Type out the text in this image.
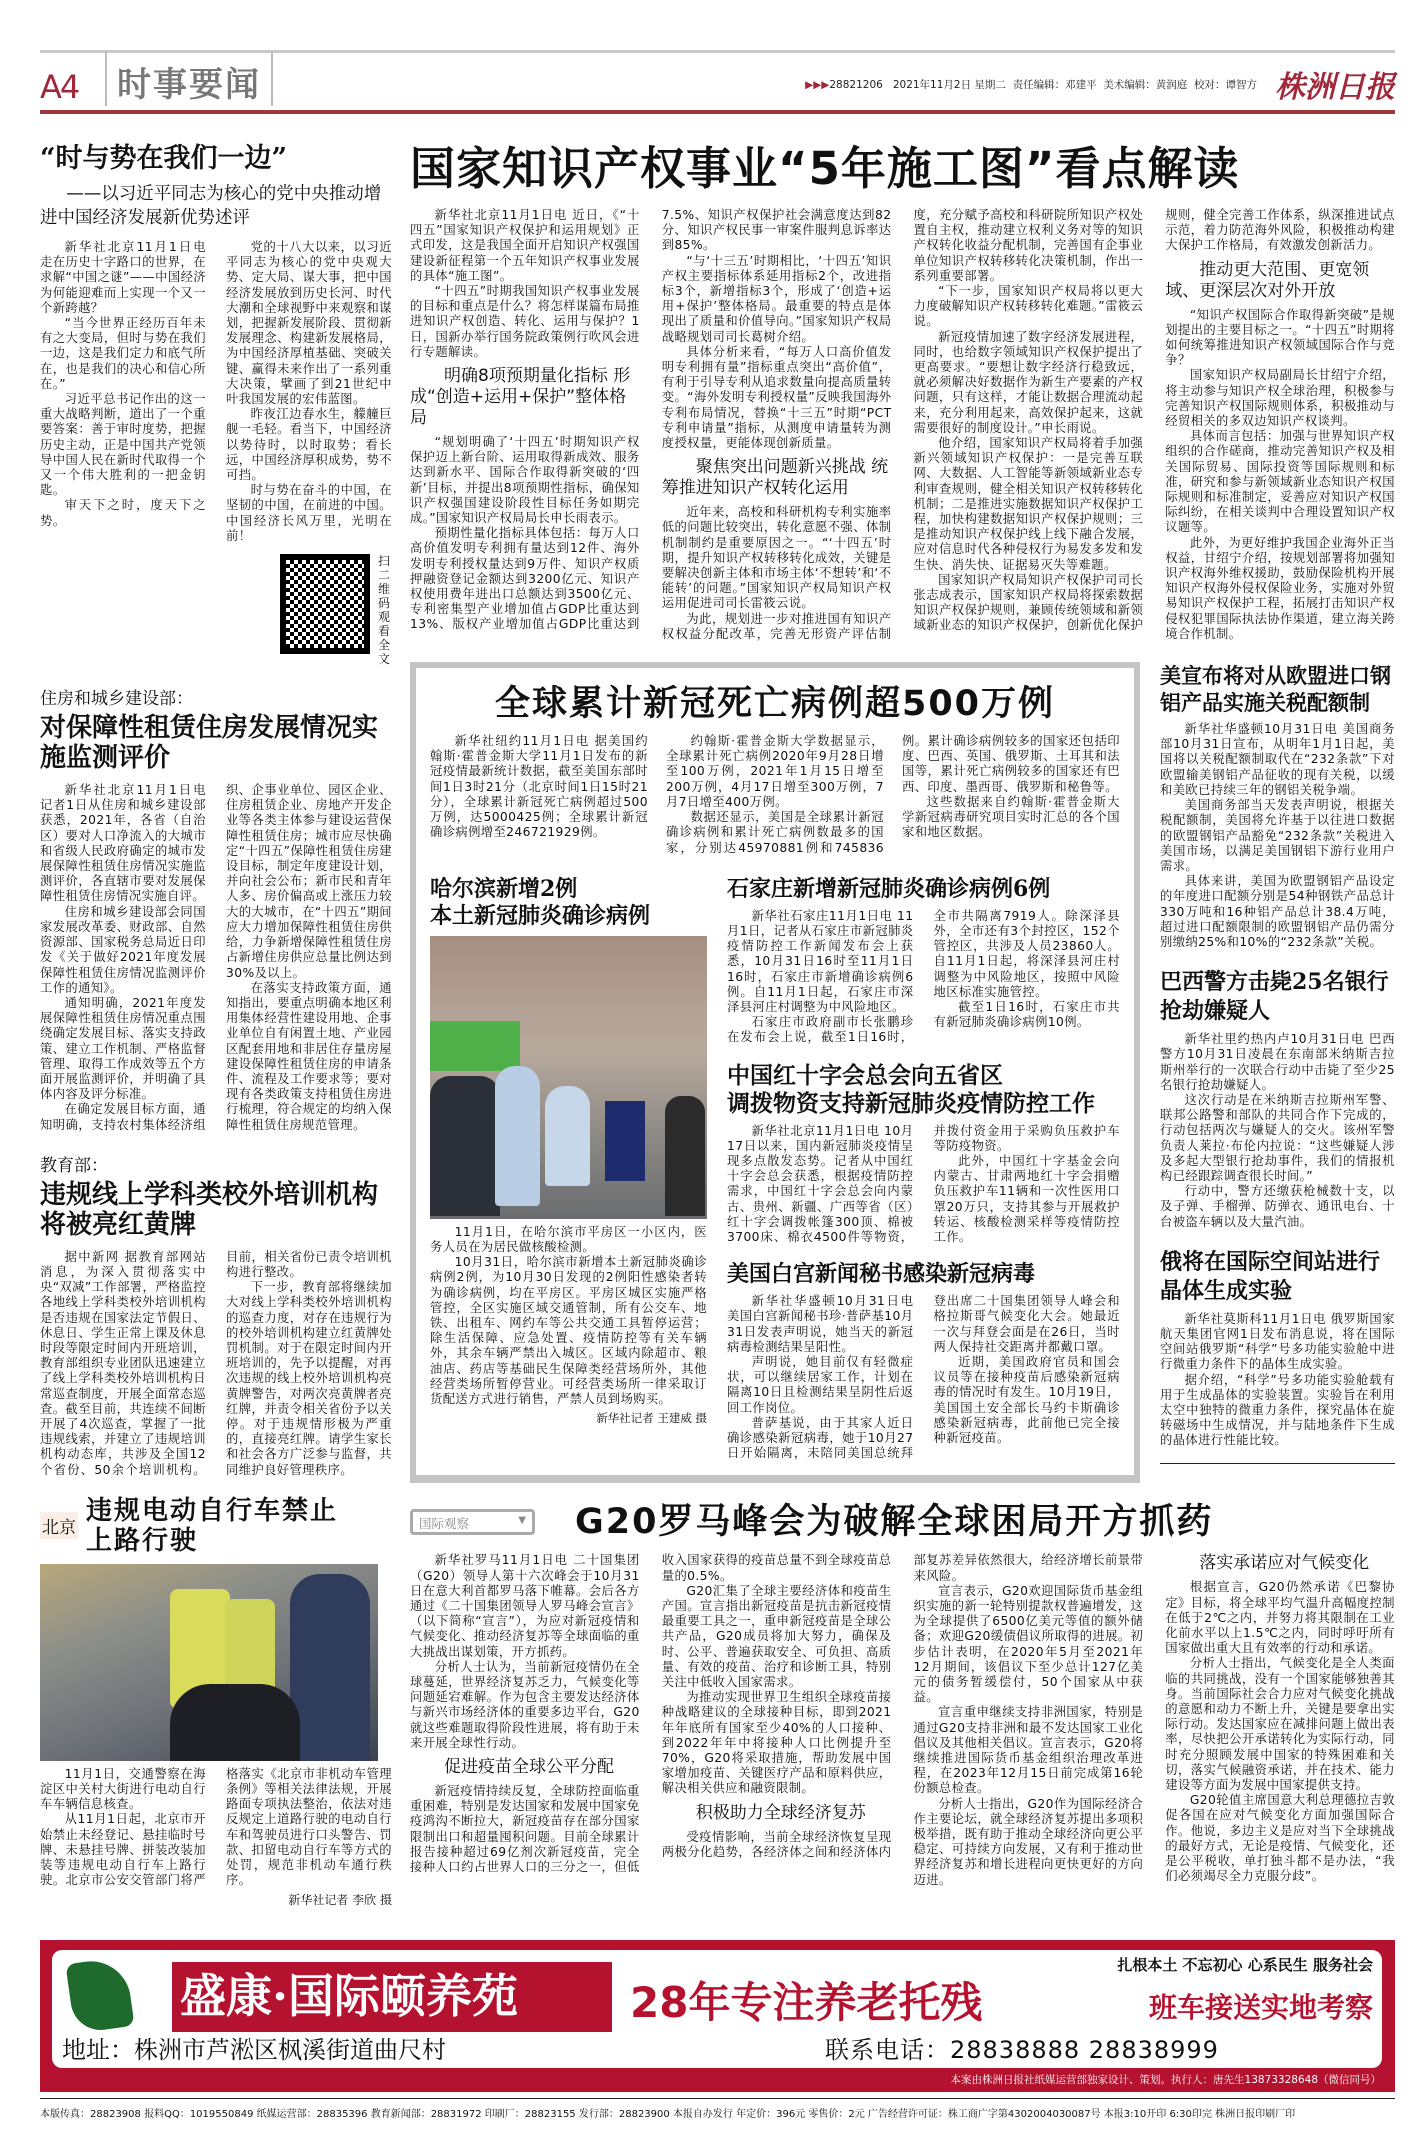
A4	时事要闻	▶▶▶28821206 2021年11月2日 星期二 责任编辑：邓建平 美术编辑：黄润庭 校对：谭智方 株洲日报
“时与势在我们一边”
——以习近平同志为核心的党中央推动增进中国经济发展新优势述评

新华社北京11月1日电 走在历史十字路口的世界，在求解“中国之谜”——中国经济为何能迎难而上实现一个又一个新跨越？

“当今世界正经历百年未有之大变局，但时与势在我们一边，这是我们定力和底气所在，也是我们的决心和信心所在。”

习近平总书记作出的这一重大战略判断，道出了一个重要答案：善于审时度势，把握历史主动，正是中国共产党领导中国人民在新时代取得一个又一个伟大胜利的一把金钥匙。

审天下之时，度天下之势。

党的十八大以来，以习近平同志为核心的党中央观大势、定大局、谋大事，把中国经济发展放到历史长河、时代大潮和全球视野中来观察和谋划，把握新发展阶段、贯彻新发展理念、构建新发展格局，为中国经济厚植基础、突破关键、赢得未来作出了一系列重大决策，擘画了到21世纪中叶我国发展的宏伟蓝图。

昨夜江边春水生，艨艟巨舰一毛轻。看当下，中国经济以势待时，以时取势；看长远，中国经济厚积成势，势不可挡。

时与势在奋斗的中国，在坚韧的中国，在前进的中国。中国经济长风万里，光明在前！

扫二维码观看全文
住房和城乡建设部：
对保障性租赁住房发展情况实施监测评价

新华社北京11月1日电 记者1日从住房和城乡建设部获悉，2021年，各省（自治区）要对人口净流入的大城市和省级人民政府确定的城市发展保障性租赁住房情况实施监测评价，各直辖市要对发展保障性租赁住房情况实施自评。

住房和城乡建设部会同国家发展改革委、财政部、自然资源部、国家税务总局近日印发《关于做好2021年度发展保障性租赁住房情况监测评价工作的通知》。

通知明确，2021年度发展保障性租赁住房情况重点围绕确定发展目标、落实支持政策、建立工作机制、严格监督管理、取得工作成效等五个方面开展监测评价，并明确了具体内容及评分标准。

在确定发展目标方面，通知明确，支持农村集体经济组织、企事业单位、园区企业、住房租赁企业、房地产开发企业等各类主体参与建设运营保障性租赁住房；城市应尽快确定“十四五”保障性租赁住房建设目标，制定年度建设计划，并向社会公布；新市民和青年人多、房价偏高或上涨压力较大的大城市，在“十四五”期间应大力增加保障性租赁住房供给，力争新增保障性租赁住房占新增住房供应总量比例达到30%及以上。

在落实支持政策方面，通知指出，要重点明确本地区利用集体经营性建设用地、企事业单位自有闲置土地、产业园区配套用地和非居住存量房屋建设保障性租赁住房的申请条件、流程及工作要求等；要对现有各类政策支持租赁住房进行梳理，符合规定的均纳入保障性租赁住房规范管理。

教育部：
违规线上学科类校外培训机构将被亮红黄牌

据中新网 据教育部网站消息，为深入贯彻落实中央“双减”工作部署，严格监控各地线上学科类校外培训机构是否违规在国家法定节假日、休息日、学生正常上课及休息时段等限定时间内开班培训，教育部组织专业团队迅速建立了线上学科类校外培训机构日常巡查制度，开展全面常态巡查。截至目前，共连续不间断开展了4次巡查，掌握了一批违规线索，并建立了违规培训机构动态库，共涉及全国12个省份、50余个培训机构。目前，相关省份已责令培训机构进行整改。

下一步，教育部将继续加大对线上学科类校外培训机构的巡查力度，对存在违规行为的校外培训机构建立红黄牌处罚机制。对于在限定时间内开班培训的，先予以提醒，对再次违规的线上校外培训机构亮黄牌警告，对两次亮黄牌者亮红牌，并责令相关省份予以关停。对于违规情形极为严重的，直接亮红牌。请学生家长和社会各方广泛参与监督，共同维护良好管理秩序。

北京
违规电动自行车禁止上路行驶

11月1日，交通警察在海淀区中关村大街进行电动自行车车辆信息核查。

从11月1日起，北京市开始禁止未经登记、悬挂临时号牌、未悬挂号牌、拼装改装加装等违规电动自行车上路行驶。北京市公安交管部门将严格落实《北京市非机动车管理条例》等相关法律法规，开展路面专项执法整治，依法对违反规定上道路行驶的电动自行车和驾驶员进行口头警告、罚款、扣留电动自行车等方式的处罚，规范非机动车通行秩序。

新华社记者 李欣 摄
国家知识产权事业“5年施工图”看点解读

新华社北京11月1日电 近日，《“十四五”国家知识产权保护和运用规划》正式印发，这是我国全面开启知识产权强国建设新征程第一个五年知识产权事业发展的具体“施工图”。

“十四五”时期我国知识产权事业发展的目标和重点是什么？将怎样谋篇布局推进知识产权创造、转化、运用与保护？1日，国新办举行国务院政策例行吹风会进行专题解读。

明确8项预期量化指标 形成“创造+运用+保护”整体格局

“规划明确了‘十四五’时期知识产权保护迈上新台阶、运用取得新成效、服务达到新水平、国际合作取得新突破的‘四新’目标，并提出8项预期性指标，确保知识产权强国建设阶段性目标任务如期完成。”国家知识产权局局长申长雨表示。

预期性量化指标具体包括：每万人口高价值发明专利拥有量达到12件、海外发明专利授权量达到9万件、知识产权质押融资登记金额达到3200亿元、知识产权使用费年进出口总额达到3500亿元、专利密集型产业增加值占GDP比重达到13%、版权产业增加值占GDP比重达到7.5%、知识产权保护社会满意度达到82分、知识产权民事一审案件服判息诉率达到85%。

“与‘十三五’时期相比，‘十四五’知识产权主要指标体系延用指标2个，改进指标3个，新增指标3个，形成了‘创造+运用+保护’整体格局。最重要的特点是体现出了质量和价值导向。”国家知识产权局战略规划司司长葛树介绍。

具体分析来看，“每万人口高价值发明专利拥有量”指标重点突出“高价值”，有利于引导专利从追求数量向提高质量转变。“海外发明专利授权量”反映我国海外专利布局情况，替换“十三五”时期“PCT专利申请量”指标，从测度申请量转为测度授权量，更能体现创新质量。

聚焦突出问题新兴挑战 统筹推进知识产权转化运用

近年来，高校和科研机构专利实施率低的问题比较突出，转化意愿不强、体制机制制约是重要原因之一。“‘十四五’时期，提升知识产权转移转化成效，关键是要解决创新主体和市场主体‘不想转’和‘不能转’的问题。”国家知识产权局知识产权运用促进司司长雷筱云说。

为此，规划进一步对推进国有知识产权权益分配改革，完善无形资产评估制度，充分赋予高校和科研院所知识产权处置自主权，推动建立权利义务对等的知识产权转化收益分配机制，完善国有企事业单位知识产权转移转化决策机制，作出一系列重要部署。

“下一步，国家知识产权局将以更大力度破解知识产权转移转化难题。”雷筱云说。

新冠疫情加速了数字经济发展进程，同时，也给数字领域知识产权保护提出了更高要求。“要想让数字经济行稳致远，就必须解决好数据作为新生产要素的产权问题，只有这样，才能让数据合理流动起来，充分利用起来，高效保护起来，这就需要很好的制度设计。”申长雨说。

他介绍，国家知识产权局将着手加强新兴领域知识产权保护：一是完善互联网、大数据、人工智能等新领域新业态专利审查规则，健全相关知识产权转移转化机制；二是推进实施数据知识产权保护工程，加快构建数据知识产权保护规则；三是推动知识产权保护线上线下融合发展，应对信息时代各种侵权行为易发多发和发生快、消失快、证据易灭失等难题。

国家知识产权局知识产权保护司司长张志成表示，国家知识产权局将探索数据知识产权保护规则，兼顾传统领域和新领域新业态的知识产权保护，创新优化保护规则，健全完善工作体系，纵深推进试点示范，着力防范海外风险，积极推动构建大保护工作格局，有效激发创新活力。

推动更大范围、更宽领域、更深层次对外开放

“知识产权国际合作取得新突破”是规划提出的主要目标之一。“十四五”时期将如何统筹推进知识产权领域国际合作与竞争？

国家知识产权局副局长甘绍宁介绍，将主动参与知识产权全球治理，积极参与完善知识产权国际规则体系，积极推动与经贸相关的多双边知识产权谈判。

具体而言包括：加强与世界知识产权组织的合作磋商，推动完善知识产权及相关国际贸易、国际投资等国际规则和标准，研究和参与新领域新业态知识产权国际规则和标准制定，妥善应对知识产权国际纠纷，在相关谈判中合理设置知识产权议题等。

此外，为更好维护我国企业海外正当权益，甘绍宁介绍，按规划部署将加强知识产权海外维权援助，鼓励保险机构开展知识产权海外侵权保险业务，实施对外贸易知识产权保护工程，拓展打击知识产权侵权犯罪国际执法协作渠道，建立海关跨境合作机制。

全球累计新冠死亡病例超500万例

新华社纽约11月1日电 据美国约翰斯·霍普金斯大学11月1日发布的新冠疫情最新统计数据，截至美国东部时间1日3时21分（北京时间1日15时21分），全球累计新冠死亡病例超过500万例，达5000425例；全球累计新冠确诊病例增至246721929例。

约翰斯·霍普金斯大学数据显示，全球累计死亡病例2020年9月28日增至100万例，2021年1月15日增至200万例，4月17日增至300万例，7月7日增至400万例。

数据还显示，美国是全球累计新冠确诊病例和累计死亡病例数最多的国家，分别达45970881例和745836例。累计确诊病例较多的国家还包括印度、巴西、英国、俄罗斯、土耳其和法国等，累计死亡病例较多的国家还有巴西、印度、墨西哥、俄罗斯和秘鲁等。

这些数据来自约翰斯·霍普金斯大学新冠病毒研究项目实时汇总的各个国家和地区数据。

哈尔滨新增2例
本土新冠肺炎确诊病例

11月1日，在哈尔滨市平房区一小区内，医务人员在为居民做核酸检测。

10月31日，哈尔滨市新增本土新冠肺炎确诊病例2例，为10月30日发现的2例阳性感染者转为确诊病例，均在平房区。平房区城区实施严格管控，全区实施区域交通管制，所有公交车、地铁、出租车、网约车等公共交通工具暂停运营；除生活保障、应急处置、疫情防控等有关车辆外，其余车辆严禁出入城区。区域内除超市、粮油店、药店等基础民生保障类经营场所外，其他经营类场所暂停营业。可经营类场所一律采取订货配送方式进行销售，严禁人员到场购买。

新华社记者 王建威 摄
石家庄新增新冠肺炎确诊病例6例

新华社石家庄11月1日电 11月1日，记者从石家庄市新冠肺炎疫情防控工作新闻发布会上获悉，10月31日16时至11月1日16时，石家庄市新增确诊病例6例。自11月1日起，石家庄市深泽县河庄村调整为中风险地区。

石家庄市政府副市长张鹏珍在发布会上说，截至1日16时，全市共隔离7919人。除深泽县外，全市还有3个封控区，152个管控区，共涉及人员23860人。自11月1日起，将深泽县河庄村调整为中风险地区，按照中风险地区标准实施管控。

截至1日16时，石家庄市共有新冠肺炎确诊病例10例。

中国红十字会总会向五省区
调拨物资支持新冠肺炎疫情防控工作

新华社北京11月1日电 10月17日以来，国内新冠肺炎疫情呈现多点散发态势。记者从中国红十字会总会获悉，根据疫情防控需求，中国红十字会总会向内蒙古、贵州、新疆、广西等省（区）红十字会调拨帐篷300顶、棉被3700床、棉衣4500件等物资，并拨付资金用于采购负压救护车等防疫物资。

此外，中国红十字基金会向内蒙古、甘肃两地红十字会捐赠负压救护车11辆和一次性医用口罩20万只，支持其参与开展救护转运、核酸检测采样等疫情防控工作。

美国白宫新闻秘书感染新冠病毒

新华社华盛顿10月31日电 美国白宫新闻秘书珍·普萨基10月31日发表声明说，她当天的新冠病毒检测结果呈阳性。

声明说，她目前仅有轻微症状，可以继续居家工作，计划在隔离10日且检测结果呈阴性后返回工作岗位。

普萨基说，由于其家人近日确诊感染新冠病毒，她于10月27日开始隔离，未陪同美国总统拜登出席二十国集团领导人峰会和格拉斯哥气候变化大会。她最近一次与拜登会面是在26日，当时两人保持社交距离并都戴口罩。

近期，美国政府官员和国会议员等在接种疫苗后感染新冠病毒的情况时有发生。10月19日，美国国土安全部长马约卡斯确诊感染新冠病毒，此前他已完全接种新冠疫苗。

美宣布将对从欧盟进口钢铝产品实施关税配额制

新华社华盛顿10月31日电 美国商务部10月31日宣布，从明年1月1日起，美国将以关税配额制取代在“232条款”下对欧盟输美钢铝产品征收的现有关税，以缓和美欧已持续三年的钢铝关税争端。

美国商务部当天发表声明说，根据关税配额制，美国将允许基于以往进口数据的欧盟钢铝产品豁免“232条款”关税进入美国市场，以满足美国钢铝下游行业用户需求。

具体来讲，美国为欧盟钢铝产品设定的年度进口配额分别是54种钢铁产品总计330万吨和16种铝产品总计38.4万吨，超过进口配额限制的欧盟钢铝产品仍需分别缴纳25%和10%的“232条款”关税。

巴西警方击毙25名银行抢劫嫌疑人

新华社里约热内卢10月31日电 巴西警方10月31日凌晨在东南部米纳斯吉拉斯州举行的一次联合行动中击毙了至少25名银行抢劫嫌疑人。

这次行动是在米纳斯吉拉斯州军警、联邦公路警和部队的共同合作下完成的，行动包括两次与嫌疑人的交火。该州军警负责人莱拉·布伦内拉说：“这些嫌疑人涉及多起大型银行抢劫事件，我们的情报机构已经跟踪调查很长时间。”

行动中，警方还缴获枪械数十支，以及子弹、手榴弹、防弹衣、通讯电台、十台被盗车辆以及大量汽油。

俄将在国际空间站进行晶体生成实验

新华社莫斯科11月1日电 俄罗斯国家航天集团官网1日发布消息说，将在国际空间站俄罗斯“科学”号多功能实验舱中进行微重力条件下的晶体生成实验。

据介绍，“科学”号多功能实验舱载有用于生成晶体的实验装置。实验旨在利用太空中独特的微重力条件，探究晶体在旋转磁场中生成情况，并与陆地条件下生成的晶体进行性能比较。

国际观察	▼ G20罗马峰会为破解全球困局开方抓药

新华社罗马11月1日电 二十国集团（G20）领导人第十六次峰会于10月31日在意大利首都罗马落下帷幕。会后各方通过《二十国集团领导人罗马峰会宣言》（以下简称“宣言”），为应对新冠疫情和气候变化、推动经济复苏等全球面临的重大挑战出谋划策，开方抓药。

分析人士认为，当前新冠疫情仍在全球蔓延，世界经济复苏乏力，气候变化等问题延宕难解。作为包含主要发达经济体与新兴市场经济体的重要多边平台，G20就这些难题取得阶段性进展，将有助于未来开展全球性行动。

促进疫苗全球公平分配

新冠疫情持续反复，全球防控面临重重困难，特别是发达国家和发展中国家免疫鸿沟不断拉大，新冠疫苗存在部分国家限制出口和超量囤积问题。目前全球累计报告接种超过69亿剂次新冠疫苗，完全接种人口约占世界人口的三分之一，但低收入国家获得的疫苗总量不到全球疫苗总量的0.5%。

G20汇集了全球主要经济体和疫苗生产国。宣言指出新冠疫苗是抗击新冠疫情最重要工具之一，重申新冠疫苗是全球公共产品，G20成员将加大努力，确保及时、公平、普遍获取安全、可负担、高质量、有效的疫苗、治疗和诊断工具，特别关注中低收入国家需求。

为推动实现世界卫生组织全球疫苗接种战略建议的全球接种目标，即到2021年年底所有国家至少40%的人口接种、到2022年年中将接种人口比例提升至70%，G20将采取措施，帮助发展中国家增加疫苗、关键医疗产品和原料供应，解决相关供应和融资限制。

积极助力全球经济复苏

受疫情影响，当前全球经济恢复呈现两极分化趋势，各经济体之间和经济体内部复苏差异依然很大，给经济增长前景带来风险。

宣言表示，G20欢迎国际货币基金组织实施的新一轮特别提款权普遍增发，这为全球提供了6500亿美元等值的额外储备；欢迎G20缓债倡议所取得的进展。初步估计表明，在2020年5月至2021年12月期间，该倡议下至少总计127亿美元的债务暂缓偿付，50个国家从中获益。

宣言重申继续支持非洲国家，特别是通过G20支持非洲和最不发达国家工业化倡议及其他相关倡议。宣言表示，G20将继续推进国际货币基金组织治理改革进程，在2023年12月15日前完成第16轮份额总检查。

分析人士指出，G20作为国际经济合作主要论坛，就全球经济复苏提出多项积极举措，既有助于推动全球经济向更公平稳定、可持续方向发展，又有利于推动世界经济复苏和增长进程向更快更好的方向迈进。

落实承诺应对气候变化

根据宣言，G20仍然承诺《巴黎协定》目标，将全球平均气温升高幅度控制在低于2℃之内，并努力将其限制在工业化前水平以上1.5℃之内，同时呼吁所有国家做出重大且有效率的行动和承诺。

分析人士指出，气候变化是全人类面临的共同挑战，没有一个国家能够独善其身。当前国际社会合力应对气候变化挑战的意愿和动力不断上升，关键是要拿出实际行动。发达国家应在减排问题上做出表率，尽快把公开承诺转化为实际行动，同时充分照顾发展中国家的特殊困难和关切，落实气候融资承诺，并在技术、能力建设等方面为发展中国家提供支持。

G20轮值主席国意大利总理德拉吉敦促各国在应对气候变化方面加强国际合作。他说，多边主义是应对当下全球挑战的最好方式，无论是疫情、气候变化，还是公平税收，单打独斗都不是办法，“我们必须竭尽全力克服分歧”。

盛康·国际颐养苑	28年专注养老托残	班车接送实地考察
扎根本土 不忘初心 心系民生 服务社会
地址：株洲市芦淞区枫溪街道曲尺村	联系电话：28838888 28838999
本案由株洲日报社纸媒运营部独家设计、策划。执行人：唐先生13873328648（微信同号）
本版传真：28823908 报料QQ：1019550849 纸媒运营部：28835396 教育新闻部：28831972 印刷厂：28823155 发行部：28823900 本报自办发行 年定价：396元 零售价：2元 广告经营许可证：株工商广字第4302004030087号 本报3:10开印 6:30印完 株洲日报印刷厂印
